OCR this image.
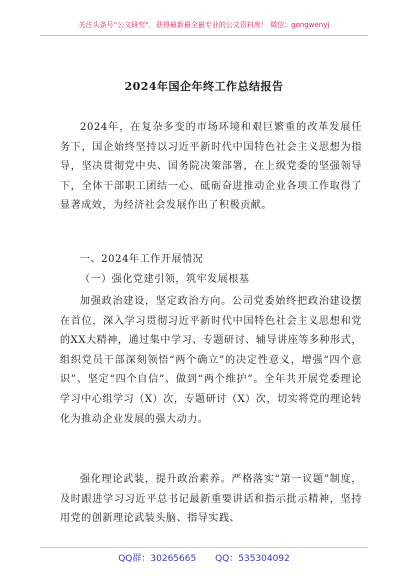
关注头条号“公文研究”，获得最新最全最专业的公文资料库！ 微信：gongwenyj
2024年国企年终工作总结报告
2024年，在复杂多变的市场环境和艰巨繁重的改革发展任务下，国企始终坚持以习近平新时代中国特色社会主义思想为指导，坚决贯彻党中央、国务院决策部署，在上级党委的坚强领导下，全体干部职工团结一心、砥砺奋进推动企业各项工作取得了显著成效，为经济社会发展作出了积极贡献。
一、2024年工作开展情况
（一）强化党建引领，筑牢发展根基
加强政治建设，坚定政治方向。公司党委始终把政治建设摆在首位，深入学习贯彻习近平新时代中国特色社会主义思想和党的XX大精神，通过集中学习、专题研讨、辅导讲座等多种形式，组织党员干部深刻领悟“两个确立”的决定性意义，增强“四个意识”、坚定“四个自信”、做到“两个维护”。全年共开展党委理论学习中心组学习（X）次，专题研讨（X）次，切实将党的理论转化为推动企业发展的强大动力。
强化理论武装，提升政治素养。严格落实“第一议题”制度，及时跟进学习习近平总书记最新重要讲话和指示批示精神，坚持用党的创新理论武装头脑、指导实践、
QQ群：30265665 QQ：535304092
